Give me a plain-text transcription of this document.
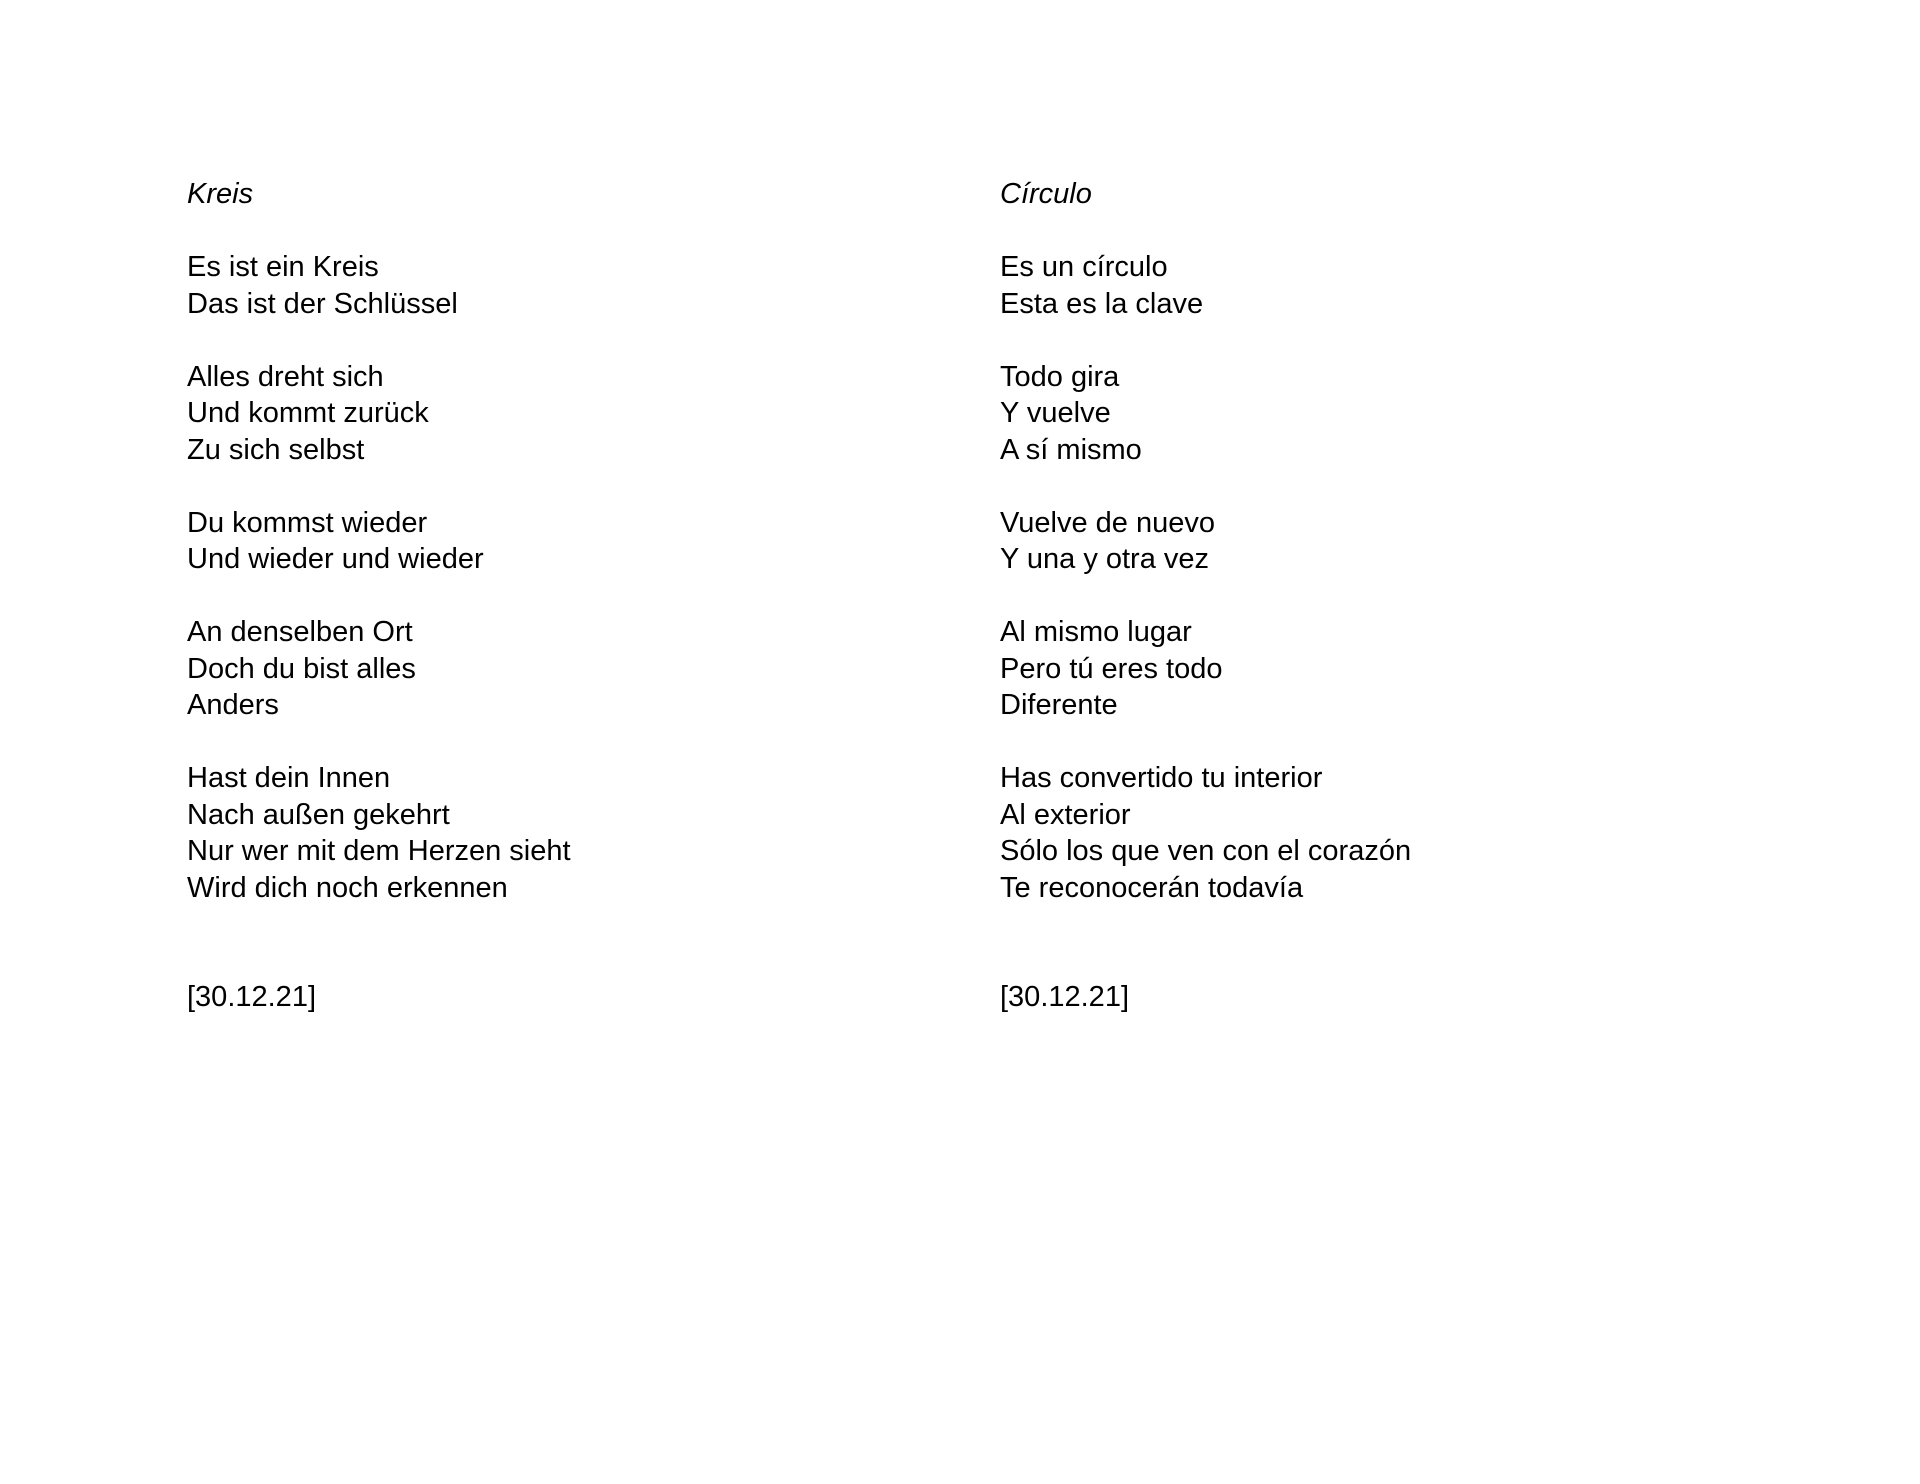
Kreis
Es ist ein Kreis
Das ist der Schlüssel
Alles dreht sich
Und kommt zurück
Zu sich selbst
Du kommst wieder
Und wieder und wieder
An denselben Ort
Doch du bist alles
Anders
Hast dein Innen
Nach außen gekehrt
Nur wer mit dem Herzen sieht
Wird dich noch erkennen
[30.12.21]
Círculo
Es un círculo
Esta es la clave
Todo gira
Y vuelve
A sí mismo
Vuelve de nuevo
Y una y otra vez
Al mismo lugar
Pero tú eres todo
Diferente
Has convertido tu interior
Al exterior
Sólo los que ven con el corazón
Te reconocerán todavía
[30.12.21]
